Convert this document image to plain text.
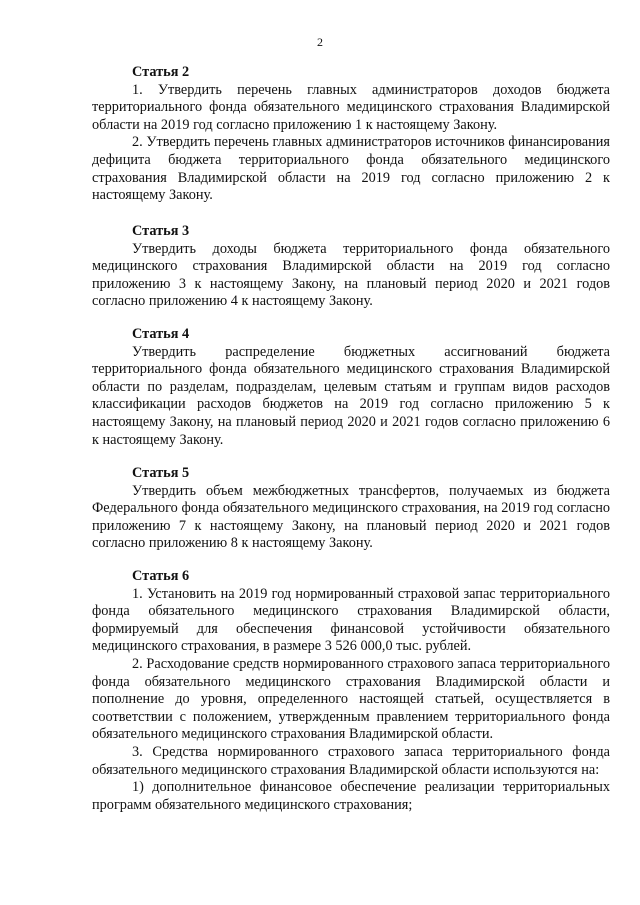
2
Статья 2

1. Утвердить перечень главных администраторов доходов бюджета территориального фонда обязательного медицинского страхования Владимирской области на 2019 год согласно приложению 1 к настоящему Закону.

2. Утвердить перечень главных администраторов источников финансирования дефицита бюджета территориального фонда обязательного медицинского страхования Владимирской области на 2019 год согласно приложению 2 к настоящему Закону.

Статья 3

Утвердить доходы бюджета территориального фонда обязательного медицинского страхования Владимирской области на 2019 год согласно приложению 3 к настоящему Закону, на плановый период 2020 и 2021 годов согласно приложению 4 к настоящему Закону.

Статья 4

Утвердить распределение бюджетных ассигнований бюджета территориального фонда обязательного медицинского страхования Владимирской области по разделам, подразделам, целевым статьям и группам видов расходов классификации расходов бюджетов на 2019 год согласно приложению 5 к настоящему Закону, на плановый период 2020 и 2021 годов согласно приложению 6 к настоящему Закону.

Статья 5

Утвердить объем межбюджетных трансфертов, получаемых из бюджета Федерального фонда обязательного медицинского страхования, на 2019 год согласно приложению 7 к настоящему Закону, на плановый период 2020 и 2021 годов согласно приложению 8 к настоящему Закону.

Статья 6

1. Установить на 2019 год нормированный страховой запас территориального фонда обязательного медицинского страхования Владимирской области, формируемый для обеспечения финансовой устойчивости обязательного медицинского страхования, в размере 3 526 000,0 тыс. рублей.

2. Расходование средств нормированного страхового запаса территориального фонда обязательного медицинского страхования Владимирской области и пополнение до уровня, определенного настоящей статьей, осуществляется в соответствии с положением, утвержденным правлением территориального фонда обязательного медицинского страхования Владимирской области.

3. Средства нормированного страхового запаса территориального фонда обязательного медицинского страхования Владимирской области используются на:

1) дополнительное финансовое обеспечение реализации территориальных программ обязательного медицинского страхования;
